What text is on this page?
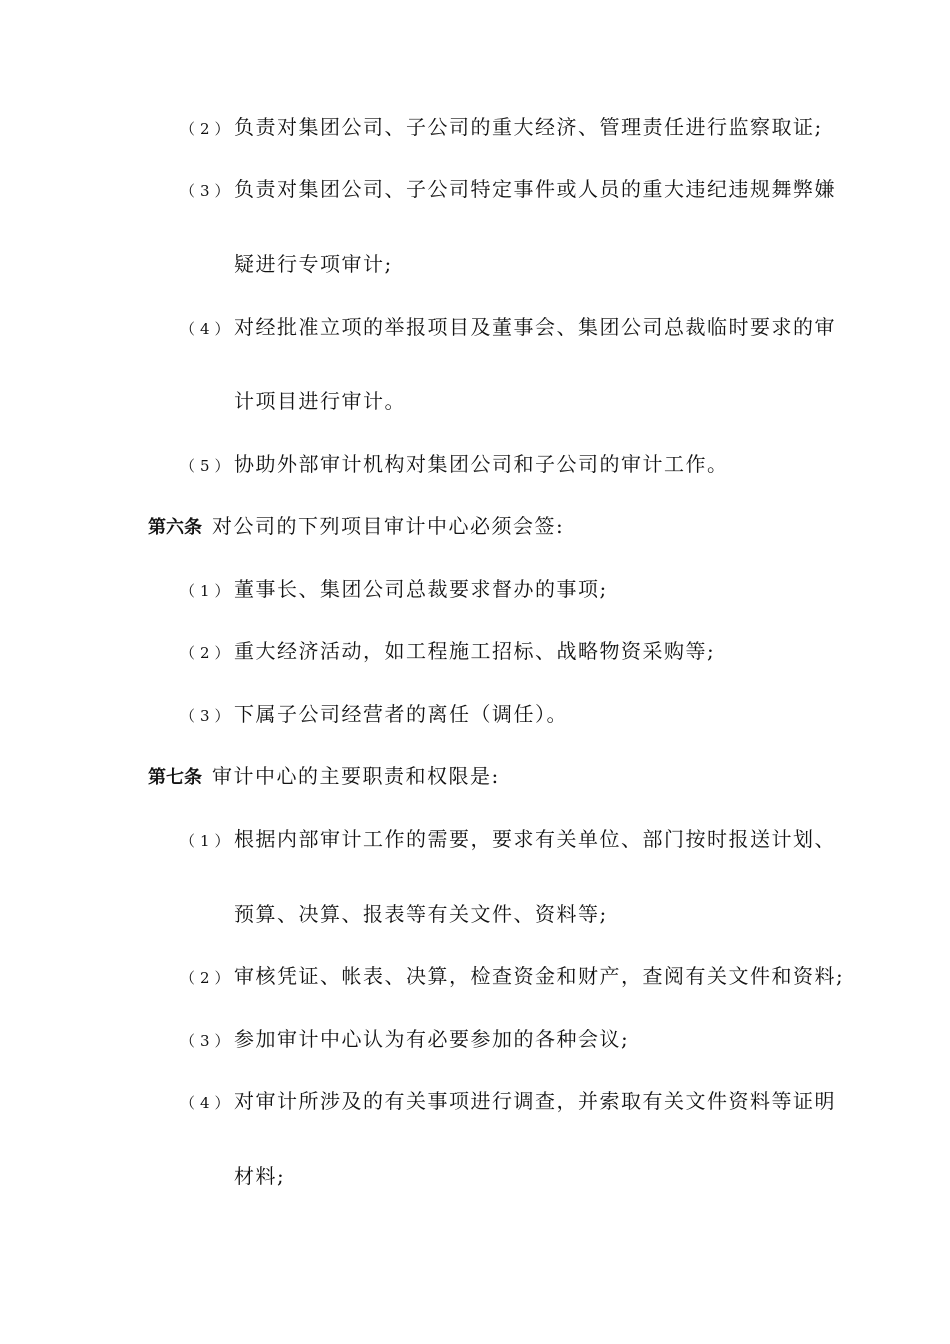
（2）负责对集团公司、子公司的重大经济、管理责任进行监察取证;
（3）负责对集团公司、子公司特定事件或人员的重大违纪违规舞弊嫌
疑进行专项审计;
（4）对经批准立项的举报项目及董事会、集团公司总裁临时要求的审
计项目进行审计。
（5）协助外部审计机构对集团公司和子公司的审计工作。
第六条 对公司的下列项目审计中心必须会签:
（1）董事长、集团公司总裁要求督办的事项;
（2）重大经济活动，如工程施工招标、战略物资采购等;
（3）下属子公司经营者的离任（调任）。
第七条 审计中心的主要职责和权限是:
（1）根据内部审计工作的需要，要求有关单位、部门按时报送计划、
预算、决算、报表等有关文件、资料等;
（2）审核凭证、帐表、决算，检查资金和财产，查阅有关文件和资料;
（3）参加审计中心认为有必要参加的各种会议;
（4）对审计所涉及的有关事项进行调查，并索取有关文件资料等证明
材料;
